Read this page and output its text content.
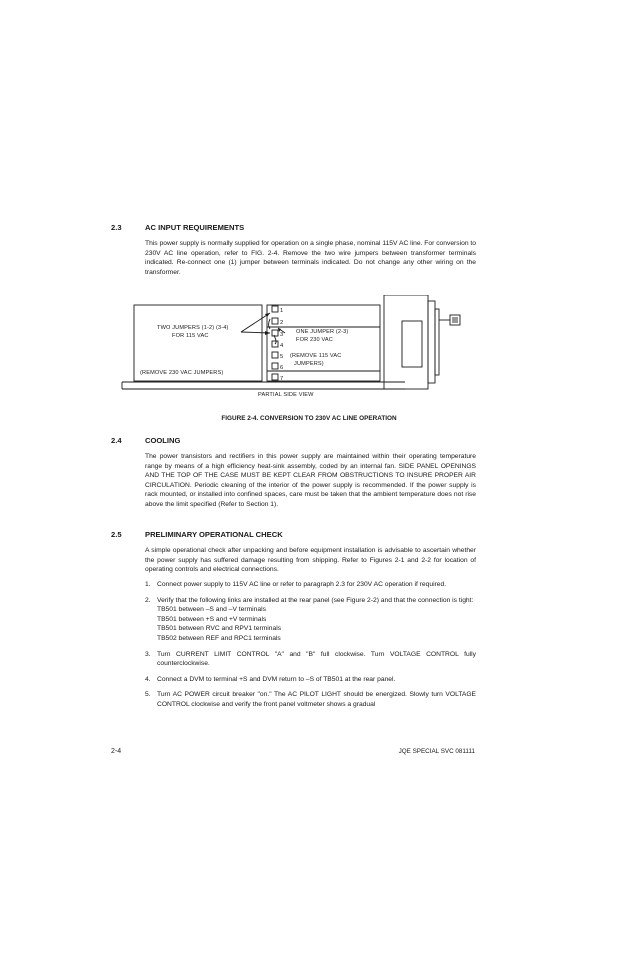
2.3	AC INPUT REQUIREMENTS

This power supply is normally supplied for operation on a single phase, nominal 115V AC line. For conversion to 230V AC line operation, refer to FIG. 2-4. Remove the two wire jumpers between transformer terminals indicated. Re-connect one (1) jumper between terminals indicated. Do not change any other wiring on the transformer.

TWO JUMPERS (1-2) (3-4)
FOR 115 VAC
(REMOVE 230 VAC JUMPERS)
ONE JUMPER (2-3)
FOR 230 VAC
(REMOVE 115 VAC
JUMPERS)
PARTIAL SIDE VIEW
1
2
3
4
5
6
7
FIGURE 2-4. CONVERSION TO 230V AC LINE OPERATION
2.4	COOLING

The power transistors and rectifiers in this power supply are maintained within their operating temperature range by means of a high efficiency heat-sink assembly, coded by an internal fan. SIDE PANEL OPENINGS AND THE TOP OF THE CASE MUST BE KEPT CLEAR FROM OBSTRUCTIONS TO INSURE PROPER AIR CIRCULATION. Periodic cleaning of the interior of the power supply is recommended. If the power supply is rack mounted, or installed into confined spaces, care must be taken that the ambient temperature does not rise above the limit specified (Refer to Section 1).

2.5	PRELIMINARY OPERATIONAL CHECK

A simple operational check after unpacking and before equipment installation is advisable to ascertain whether the power supply has suffered damage resulting from shipping. Refer to Figures 2-1 and 2-2 for location of operating controls and electrical connections.

1. Connect power supply to 115V AC line or refer to paragraph 2.3 for 230V AC operation if required.
2. Verify that the following links are installed at the rear panel (see Figure 2-2) and that the connection is tight:
TB501 between –S and –V terminals
TB501 between +S and +V terminals
TB501 between RVC and RPV1 terminals
TB502 between REF and RPC1 terminals
3. Turn CURRENT LIMIT CONTROL "A" and "B" full clockwise. Turn VOLTAGE CONTROL fully counterclockwise.
4. Connect a DVM to terminal +S and DVM return to –S of TB501 at the rear panel.
5. Turn AC POWER circuit breaker "on." The AC PILOT LIGHT should be energized. Slowly turn VOLTAGE CONTROL clockwise and verify the front panel voltmeter shows a gradual
2-4	JQE SPECIAL SVC 081111
